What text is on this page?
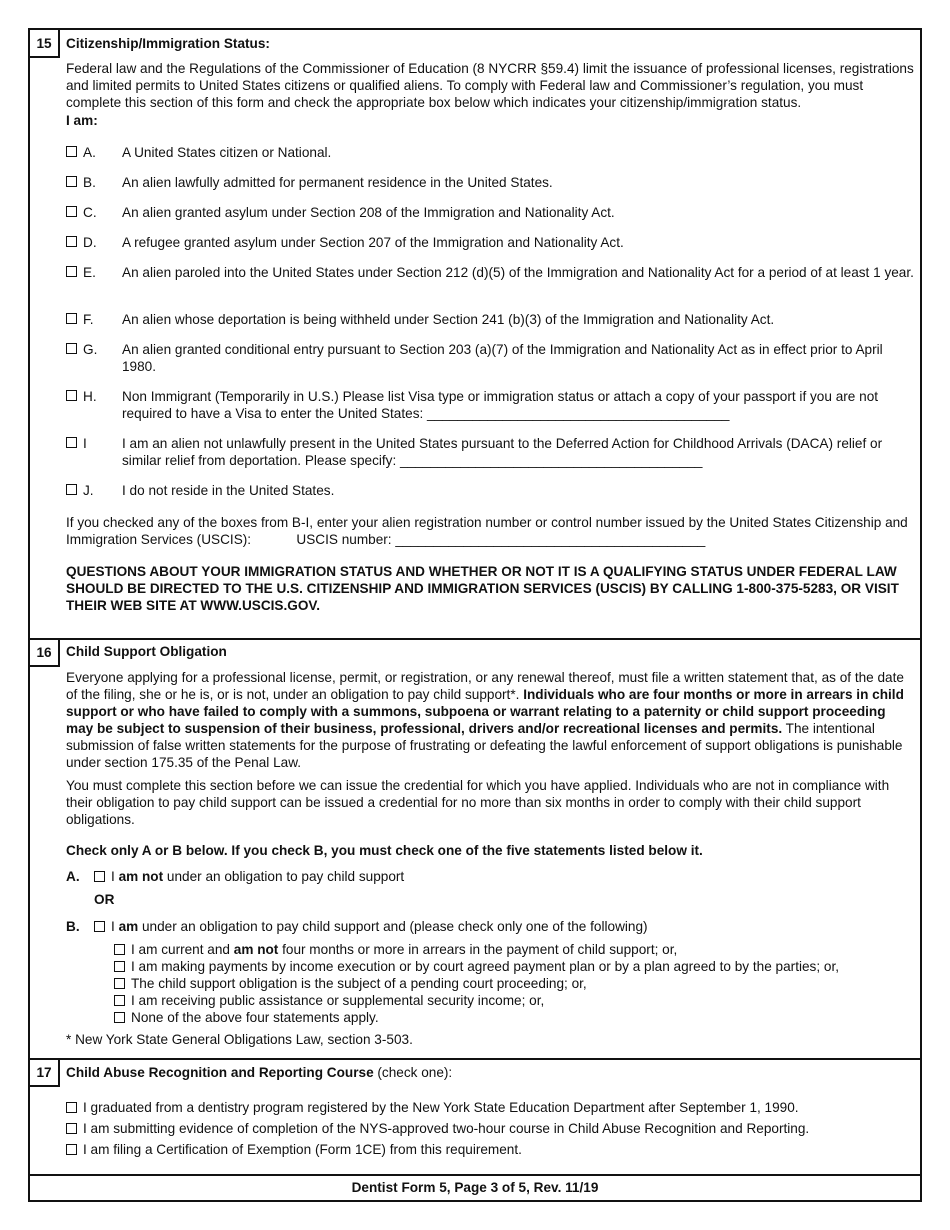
15	Citizenship/Immigration Status:

Federal law and the Regulations of the Commissioner of Education (8 NYCRR §59.4) limit the issuance of professional licenses, registrations and limited permits to United States citizens or qualified aliens. To comply with Federal law and Commissioner’s regulation, you must complete this section of this form and check the appropriate box below which indicates your citizenship/immigration status.

I am:
A. A United States citizen or National.
B. An alien lawfully admitted for permanent residence in the United States.
C. An alien granted asylum under Section 208 of the Immigration and Nationality Act.
D. A refugee granted asylum under Section 207 of the Immigration and Nationality Act.
E. An alien paroled into the United States under Section 212 (d)(5) of the Immigration and Nationality Act for a period of at least 1 year.
F. An alien whose deportation is being withheld under Section 241 (b)(3) of the Immigration and Nationality Act.
G. An alien granted conditional entry pursuant to Section 203 (a)(7) of the Immigration and Nationality Act as in effect prior to April 1980.
H. Non Immigrant (Temporarily in U.S.) Please list Visa type or immigration status or attach a copy of your passport if you are not required to have a Visa to enter the United States: ________________________________________
I	I am an alien not unlawfully present in the United States pursuant to the Deferred Action for Childhood Arrivals (DACA) relief or similar relief from deportation. Please specify: ________________________________________
J. I do not reside in the United States.

If you checked any of the boxes from B-I, enter your alien registration number or control number issued by the United States Citizenship and Immigration Services (USCIS):	USCIS number: _________________________________________

QUESTIONS ABOUT YOUR IMMIGRATION STATUS AND WHETHER OR NOT IT IS A QUALIFYING STATUS UNDER FEDERAL LAW SHOULD BE DIRECTED TO THE U.S. CITIZENSHIP AND IMMIGRATION SERVICES (USCIS) BY CALLING 1-800-375-5283, OR VISIT THEIR WEB SITE AT WWW.USCIS.GOV.

16	Child Support Obligation

Everyone applying for a professional license, permit, or registration, or any renewal thereof, must file a written statement that, as of the date of the filing, she or he is, or is not, under an obligation to pay child support*. Individuals who are four months or more in arrears in child support or who have failed to comply with a summons, subpoena or warrant relating to a paternity or child support proceeding may be subject to suspension of their business, professional, drivers and/or recreational licenses and permits. The intentional submission of false written statements for the purpose of frustrating or defeating the lawful enforcement of support obligations is punishable under section 175.35 of the Penal Law.

You must complete this section before we can issue the credential for which you have applied. Individuals who are not in compliance with their obligation to pay child support can be issued a credential for no more than six months in order to comply with their child support obligations.

Check only A or B below. If you check B, you must check one of the five statements listed below it.
A. I am not under an obligation to pay child support
OR
B. I am under an obligation to pay child support and (please check only one of the following)
I am current and am not four months or more in arrears in the payment of child support; or,
I am making payments by income execution or by court agreed payment plan or by a plan agreed to by the parties; or,
The child support obligation is the subject of a pending court proceeding; or,
I am receiving public assistance or supplemental security income; or,
None of the above four statements apply.
* New York State General Obligations Law, section 3-503.
17	Child Abuse Recognition and Reporting Course (check one):
I graduated from a dentistry program registered by the New York State Education Department after September 1, 1990.
I am submitting evidence of completion of the NYS-approved two-hour course in Child Abuse Recognition and Reporting.
I am filing a Certification of Exemption (Form 1CE) from this requirement.
Dentist Form 5, Page 3 of 5, Rev. 11/19
